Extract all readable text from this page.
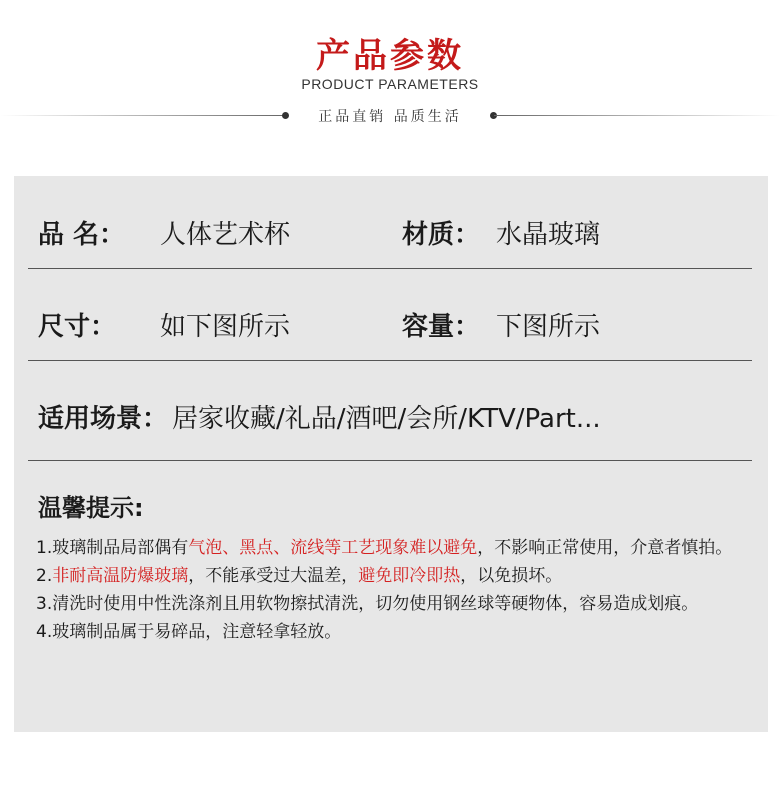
产品参数
PRODUCT PARAMETERS
正品直销 品质生活
品 名： 人体艺术杯	材质： 水晶玻璃
尺寸： 如下图所示	容量： 下图所示
适用场景： 居家收藏/礼品/酒吧/会所/KTV/Part...
温馨提示:

1.玻璃制品局部偶有气泡、黑点、流线等工艺现象难以避免，不影响正常使用，介意者慎拍。

2.非耐高温防爆玻璃，不能承受过大温差，避免即冷即热，以免损坏。

3.清洗时使用中性洗涤剂且用软物擦拭清洗，切勿使用钢丝球等硬物体，容易造成划痕。

4.玻璃制品属于易碎品，注意轻拿轻放。
